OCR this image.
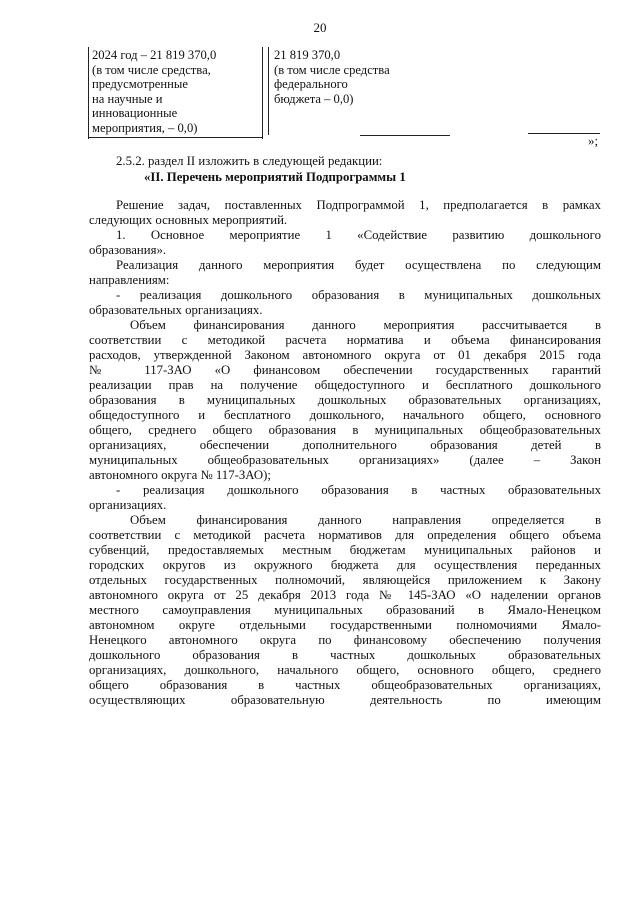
20
2024 год – 21 819 370,0
(в том числе средства,
предусмотренные
на научные и
инновационные
мероприятия, – 0,0)
21 819 370,0
(в том числе средства
федерального
бюджета – 0,0)
»;
2.5.2. раздел II изложить в следующей редакции:
«II. Перечень мероприятий Подпрограммы 1
Решение задач, поставленных Подпрограммой 1, предполагается в рамках
следующих основных мероприятий.
1. Основное мероприятие 1 «Содействие развитию дошкольного
образования».
Реализация данного мероприятия будет осуществлена по следующим
направлениям:
- реализация дошкольного образования в муниципальных дошкольных
образовательных организациях.
Объем финансирования данного мероприятия рассчитывается в
соответствии с методикой расчета норматива и объема финансирования
расходов, утвержденной Законом автономного округа от 01 декабря 2015 года
№ 117-ЗАО «О финансовом обеспечении государственных гарантий
реализации прав на получение общедоступного и бесплатного дошкольного
образования в муниципальных дошкольных образовательных организациях,
общедоступного и бесплатного дошкольного, начального общего, основного
общего, среднего общего образования в муниципальных общеобразовательных
организациях, обеспечении дополнительного образования детей в
муниципальных общеобразовательных организациях» (далее – Закон
автономного округа № 117-ЗАО);
- реализация дошкольного образования в частных образовательных
организациях.
Объем финансирования данного направления определяется в
соответствии с методикой расчета нормативов для определения общего объема
субвенций, предоставляемых местным бюджетам муниципальных районов и
городских округов из окружного бюджета для осуществления переданных
отдельных государственных полномочий, являющейся приложением к Закону
автономного округа от 25 декабря 2013 года № 145-ЗАО «О наделении органов
местного самоуправления муниципальных образований в Ямало-Ненецком
автономном округе отдельными государственными полномочиями Ямало-
Ненецкого автономного округа по финансовому обеспечению получения
дошкольного образования в частных дошкольных образовательных
организациях, дошкольного, начального общего, основного общего, среднего
общего образования в частных общеобразовательных организациях,
осуществляющих образовательную деятельность по имеющим
